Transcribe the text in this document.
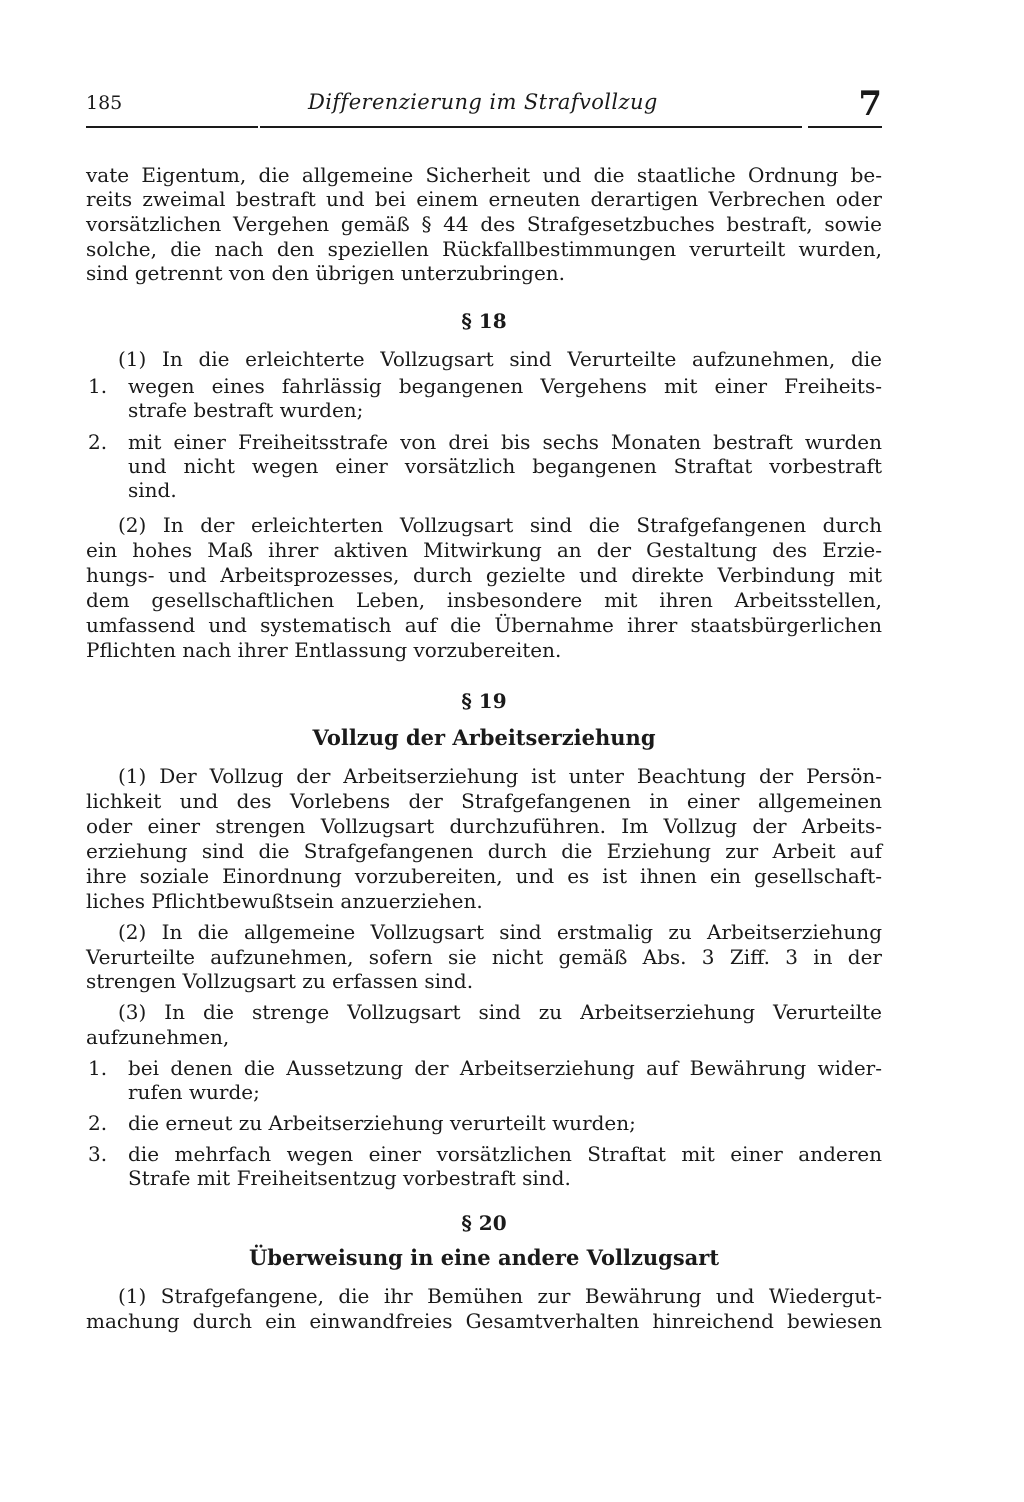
185	Differenzierung im Strafvollzug	7
vate Eigentum, die allgemeine Sicherheit und die staatliche Ordnung be-
reits zweimal bestraft und bei einem erneuten derartigen Verbrechen oder
vorsätzlichen Vergehen gemäß § 44 des Strafgesetzbuches bestraft, sowie
solche, die nach den speziellen Rückfallbestimmungen verurteilt wurden,
sind getrennt von den übrigen unterzubringen.
§ 18
(1) In die erleichterte Vollzugsart sind Verurteilte aufzunehmen, die
1.	wegen eines fahrlässig begangenen Vergehens mit einer Freiheits-
strafe bestraft wurden;
2.	mit einer Freiheitsstrafe von drei bis sechs Monaten bestraft wurden
und nicht wegen einer vorsätzlich begangenen Straftat vorbestraft
sind.
(2) In der erleichterten Vollzugsart sind die Strafgefangenen durch
ein hohes Maß ihrer aktiven Mitwirkung an der Gestaltung des Erzie-
hungs- und Arbeitsprozesses, durch gezielte und direkte Verbindung mit
dem gesellschaftlichen Leben, insbesondere mit ihren Arbeitsstellen,
umfassend und systematisch auf die Übernahme ihrer staatsbürgerlichen
Pflichten nach ihrer Entlassung vorzubereiten.
§ 19
Vollzug der Arbeitserziehung
(1) Der Vollzug der Arbeitserziehung ist unter Beachtung der Persön-
lichkeit und des Vorlebens der Strafgefangenen in einer allgemeinen
oder einer strengen Vollzugsart durchzuführen. Im Vollzug der Arbeits-
erziehung sind die Strafgefangenen durch die Erziehung zur Arbeit auf
ihre soziale Einordnung vorzubereiten, und es ist ihnen ein gesellschaft-
liches Pflichtbewußtsein anzuerziehen.
(2) In die allgemeine Vollzugsart sind erstmalig zu Arbeitserziehung
Verurteilte aufzunehmen, sofern sie nicht gemäß Abs. 3 Ziff. 3 in der
strengen Vollzugsart zu erfassen sind.
(3) In die strenge Vollzugsart sind zu Arbeitserziehung Verurteilte
aufzunehmen,
1.	bei denen die Aussetzung der Arbeitserziehung auf Bewährung wider-
rufen wurde;
2.	die erneut zu Arbeitserziehung verurteilt wurden;
3.	die mehrfach wegen einer vorsätzlichen Straftat mit einer anderen
Strafe mit Freiheitsentzug vorbestraft sind.
§ 20
Überweisung in eine andere Vollzugsart
(1) Strafgefangene, die ihr Bemühen zur Bewährung und Wiedergut-
machung durch ein einwandfreies Gesamtverhalten hinreichend bewiesen
